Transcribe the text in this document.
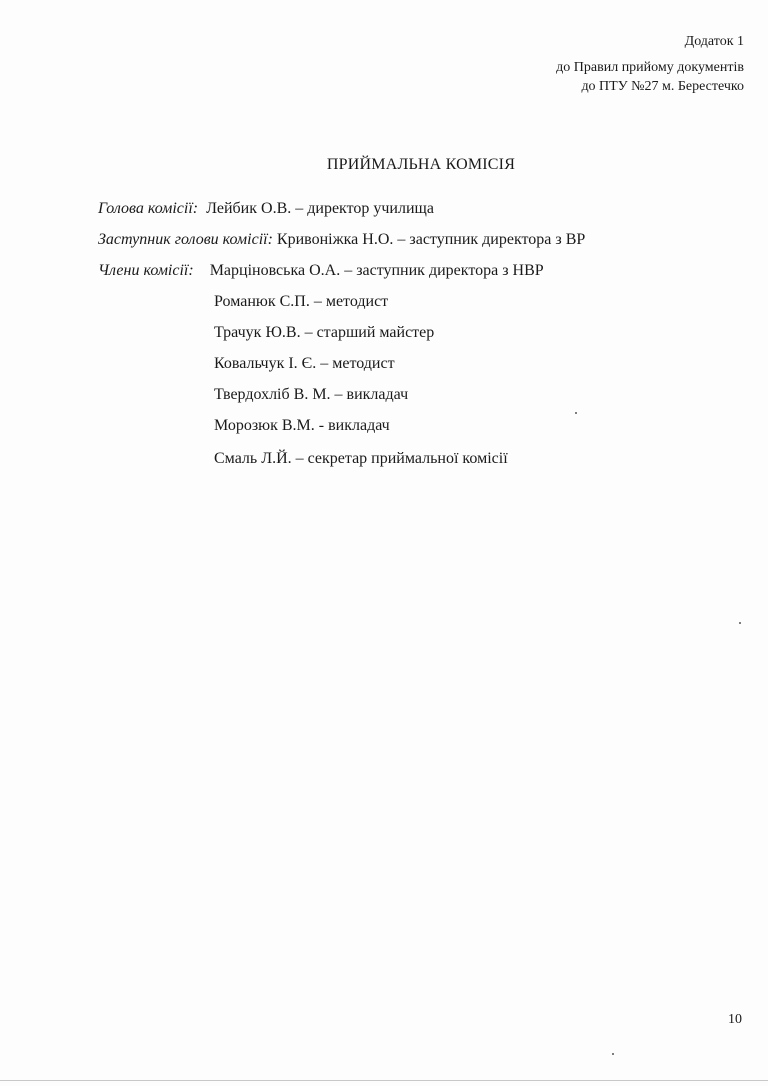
Додаток 1
до Правил прийому документів
до ПТУ №27 м. Берестечко
ПРИЙМАЛЬНА КОМІСІЯ
Голова комісії: Лейбик О.В. – директор училища
Заступник голови комісії: Кривоніжка Н.О. – заступник директора з ВР
Члени комісії: Марціновська О.А. – заступник директора з НВР
Романюк С.П. – методист
Трачук Ю.В. – старший майстер
Ковальчук І. Є. – методист
Твердохліб В. М. – викладач
Морозюк В.М. - викладач
Смаль Л.Й. – секретар приймальної комісії
10
